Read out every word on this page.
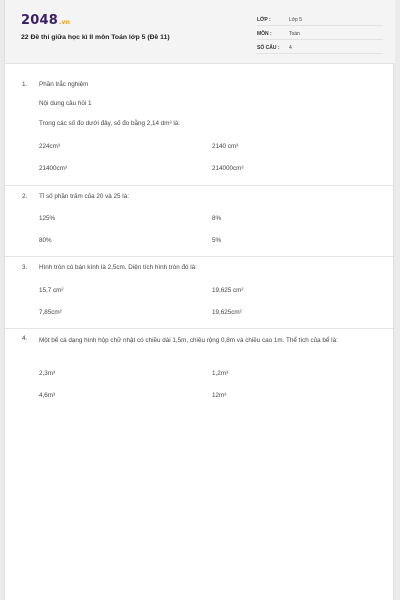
2048.vn
22 Đề thi giữa học kì II môn Toán lớp 5 (Đề 11)
LỚP :	Lớp 5
MÔN :	Toán
SỐ CÂU : 4
1. Phần trắc nghiệm
Nội dung câu hỏi 1
Trong các số đo dưới đây, số đo bằng 2,14 dm³ là:
224cm³	2140 cm³
21400cm³	214000cm³
2. Tỉ số phần trăm của 20 và 25 là:
125%	8%
80%	5%
3. Hình tròn có bán kính là 2,5cm. Diện tích hình tròn đó là:
15,7 cm²	19,625 cm²
7,85cm²	19,625cm²
4. Một bể cá dạng hình hộp chữ nhật có chiều dài 1,5m, chiều rộng 0,8m và chiều cao 1m. Thể tích của bể là:
2,3m³	1,2m³
4,6m³	12m³
